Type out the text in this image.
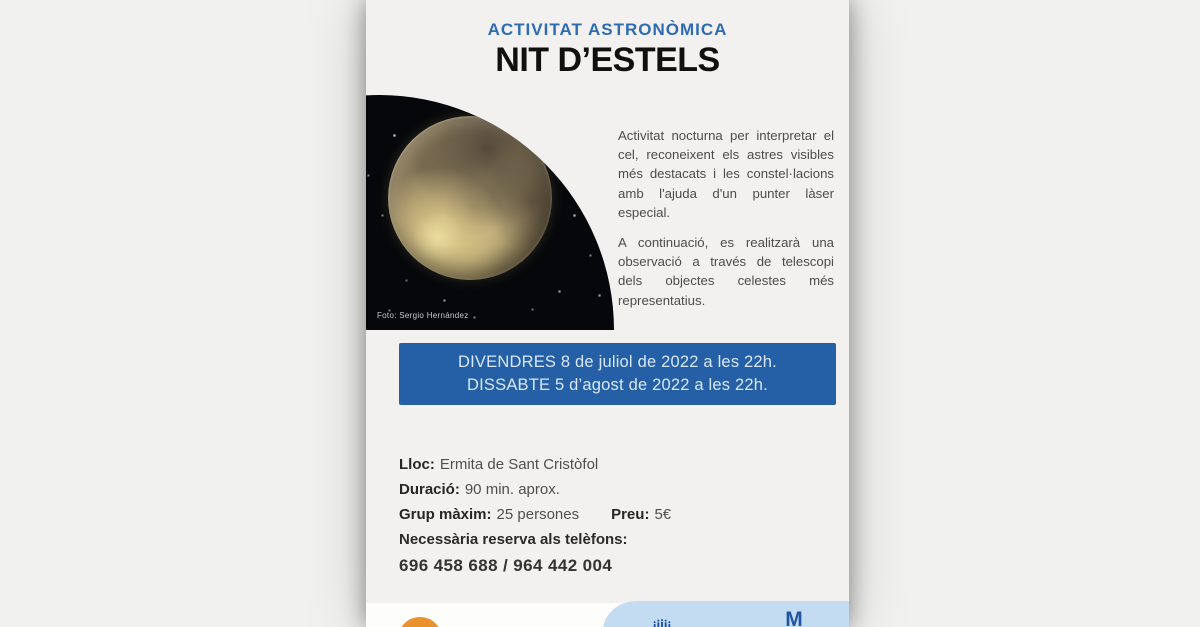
ACTIVITAT ASTRONÒMICA
NIT D’ESTELS
Foto: Sergio Hernández

Activitat nocturna per interpretar el cel, reconeixent els astres visibles més destacats i les constel·lacions amb l'ajuda d'un punter làser especial.

A continuació, es realitzarà una observació a través de telescopi dels objectes celestes més representatius.

DIVENDRES 8 de juliol de 2022 a les 22h.
DISSABTE 5 d’agost de 2022 a les 22h.
Lloc: Ermita de Sant Cristòfol
Duració: 90 min. aprox.
Grup màxim: 25 persones Preu: 5€
Necessària reserva als telèfons:
696 458 688 / 964 442 004
M
